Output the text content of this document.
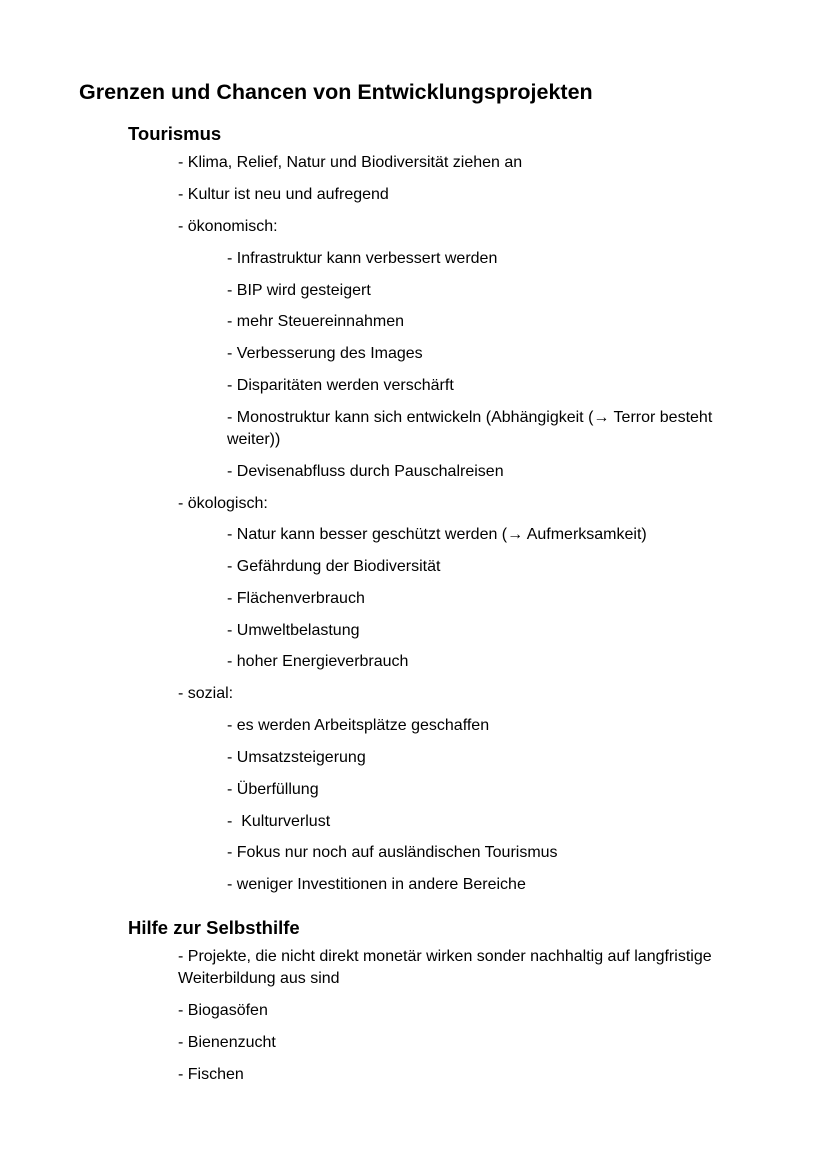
Grenzen und Chancen von Entwicklungsprojekten
Tourismus
- Klima, Relief, Natur und Biodiversität ziehen an
- Kultur ist neu und aufregend
- ökonomisch:
- Infrastruktur kann verbessert werden
- BIP wird gesteigert
- mehr Steuereinnahmen
- Verbesserung des Images
- Disparitäten werden verschärft
- Monostruktur kann sich entwickeln (Abhängigkeit (→ Terror besteht weiter))
- Devisenabfluss durch Pauschalreisen
- ökologisch:
- Natur kann besser geschützt werden (→ Aufmerksamkeit)
- Gefährdung der Biodiversität
- Flächenverbrauch
- Umweltbelastung
- hoher Energieverbrauch
- sozial:
- es werden Arbeitsplätze geschaffen
- Umsatzsteigerung
- Überfüllung
-  Kulturverlust
- Fokus nur noch auf ausländischen Tourismus
- weniger Investitionen in andere Bereiche
Hilfe zur Selbsthilfe
- Projekte, die nicht direkt monetär wirken sonder nachhaltig auf langfristige Weiterbildung aus sind
- Biogasöfen
- Bienenzucht
- Fischen
